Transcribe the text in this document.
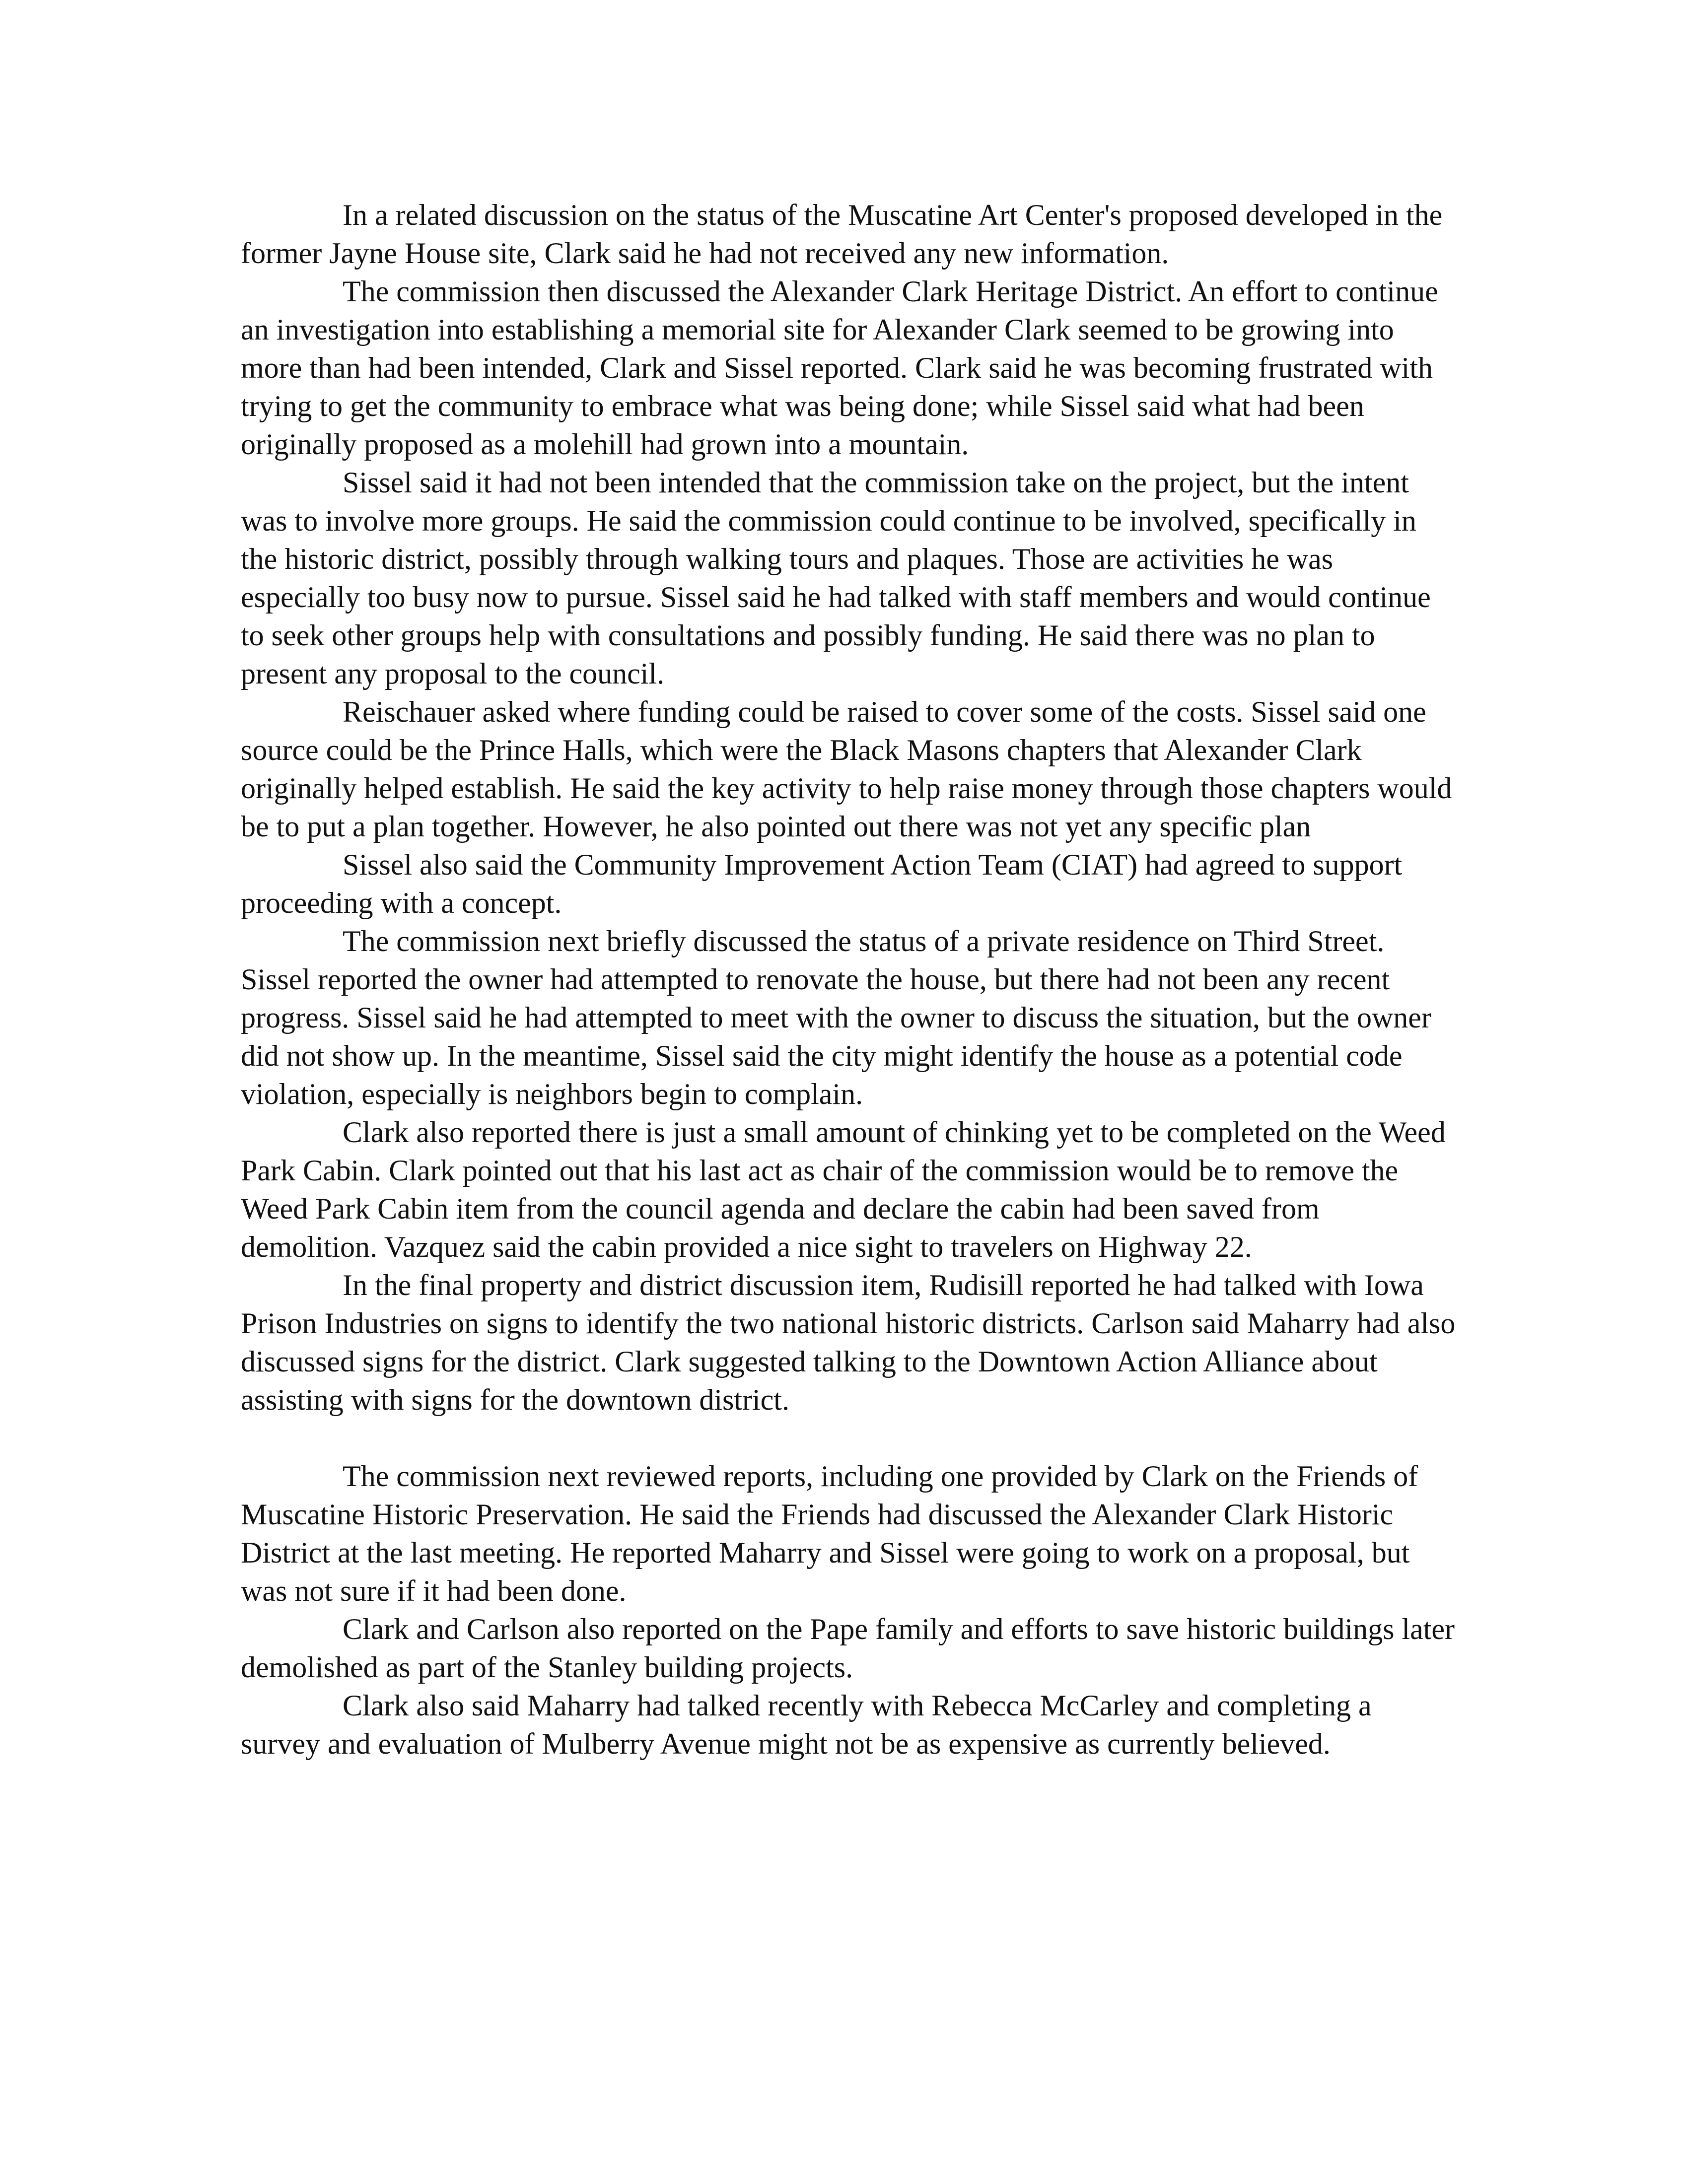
In a related discussion on the status of the Muscatine Art Center's proposed developed in the former Jayne House site, Clark said he had not received any new information.

The commission then discussed the Alexander Clark Heritage District. An effort to continue an investigation into establishing a memorial site for Alexander Clark seemed to be growing into more than had been intended, Clark and Sissel reported. Clark said he was becoming frustrated with trying to get the community to embrace what was being done; while Sissel said what had been originally proposed as a molehill had grown into a mountain.

Sissel said it had not been intended that the commission take on the project, but the intent was to involve more groups. He said the commission could continue to be involved, specifically in the historic district, possibly through walking tours and plaques. Those are activities he was especially too busy now to pursue. Sissel said he had talked with staff members and would continue to seek other groups help with consultations and possibly funding. He said there was no plan to present any proposal to the council.

Reischauer asked where funding could be raised to cover some of the costs. Sissel said one source could be the Prince Halls, which were the Black Masons chapters that Alexander Clark originally helped establish. He said the key activity to help raise money through those chapters would be to put a plan together. However, he also pointed out there was not yet any specific plan

Sissel also said the Community Improvement Action Team (CIAT) had agreed to support proceeding with a concept.

The commission next briefly discussed the status of a private residence on Third Street. Sissel reported the owner had attempted to renovate the house, but there had not been any recent progress. Sissel said he had attempted to meet with the owner to discuss the situation, but the owner did not show up. In the meantime, Sissel said the city might identify the house as a potential code violation, especially is neighbors begin to complain.

Clark also reported there is just a small amount of chinking yet to be completed on the Weed Park Cabin. Clark pointed out that his last act as chair of the commission would be to remove the Weed Park Cabin item from the council agenda and declare the cabin had been saved from demolition. Vazquez said the cabin provided a nice sight to travelers on Highway 22.

In the final property and district discussion item, Rudisill reported he had talked with Iowa Prison Industries on signs to identify the two national historic districts. Carlson said Maharry had also discussed signs for the district. Clark suggested talking to the Downtown Action Alliance about assisting with signs for the downtown district.

The commission next reviewed reports, including one provided by Clark on the Friends of Muscatine Historic Preservation. He said the Friends had discussed the Alexander Clark Historic District at the last meeting. He reported Maharry and Sissel were going to work on a proposal, but was not sure if it had been done.

Clark and Carlson also reported on the Pape family and efforts to save historic buildings later demolished as part of the Stanley building projects.

Clark also said Maharry had talked recently with Rebecca McCarley and completing a survey and evaluation of Mulberry Avenue might not be as expensive as currently believed.
